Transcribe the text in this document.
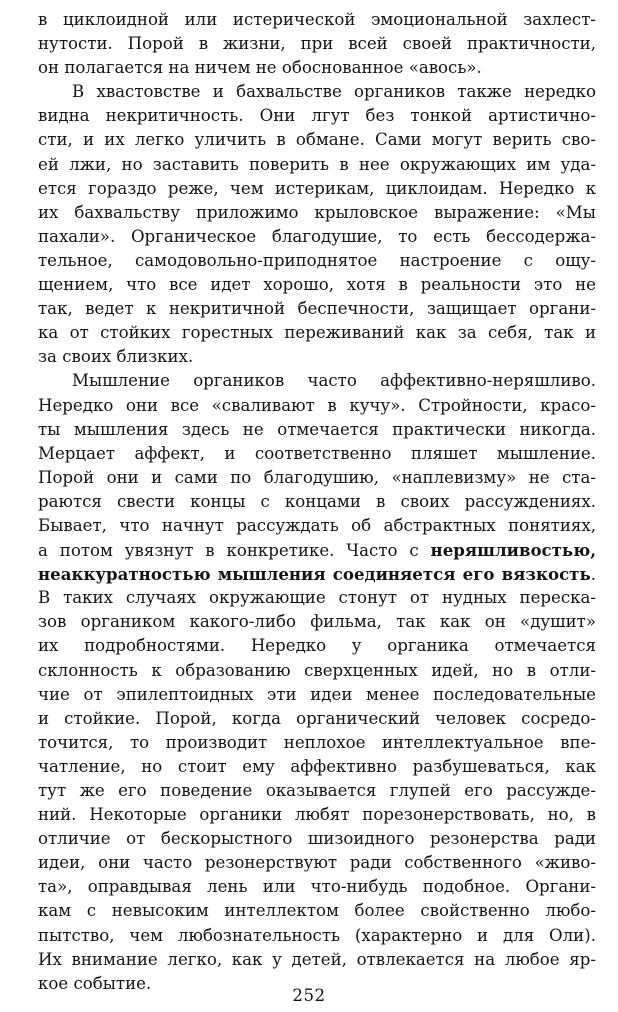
в циклоидной или истерической эмоциональной захлест-
нутости. Порой в жизни, при всей своей практичности,
он полагается на ничем не обоснованное «авось».
В хвастовстве и бахвальстве органиков также нередко
видна некритичность. Они лгут без тонкой артистично-
сти, и их легко уличить в обмане. Сами могут верить сво-
ей лжи, но заставить поверить в нее окружающих им уда-
ется гораздо реже, чем истерикам, циклоидам. Нередко к
их бахвальству приложимо крыловское выражение: «Мы
пахали». Органическое благодушие, то есть бессодержа-
тельное, самодовольно-приподнятое настроение с ощу-
щением, что все идет хорошо, хотя в реальности это не
так, ведет к некритичной беспечности, защищает органи-
ка от стойких горестных переживаний как за себя, так и
за своих близких.
Мышление органиков часто аффективно-неряшливо.
Нередко они все «сваливают в кучу». Стройности, красо-
ты мышления здесь не отмечается практически никогда.
Мерцает аффект, и соответственно пляшет мышление.
Порой они и сами по благодушию, «наплевизму» не ста-
раются свести концы с концами в своих рассуждениях.
Бывает, что начнут рассуждать об абстрактных понятиях,
а потом увязнут в конкретике. Часто с неряшливостью,
неаккуратностью мышления соединяется его вязкость.
В таких случаях окружающие стонут от нудных переска-
зов органиком какого-либо фильма, так как он «душит»
их подробностями. Нередко у органика отмечается
склонность к образованию сверхценных идей, но в отли-
чие от эпилептоидных эти идеи менее последовательные
и стойкие. Порой, когда органический человек сосредо-
точится, то производит неплохое интеллектуальное впе-
чатление, но стоит ему аффективно разбушеваться, как
тут же его поведение оказывается глупей его рассужде-
ний. Некоторые органики любят порезонерствовать, но, в
отличие от бескорыстного шизоидного резонерства ради
идеи, они часто резонерствуют ради собственного «живо-
та», оправдывая лень или что-нибудь подобное. Органи-
кам с невысоким интеллектом более свойственно любо-
пытство, чем любознательность (характерно и для Оли).
Их внимание легко, как у детей, отвлекается на любое яр-
кое событие.
252
